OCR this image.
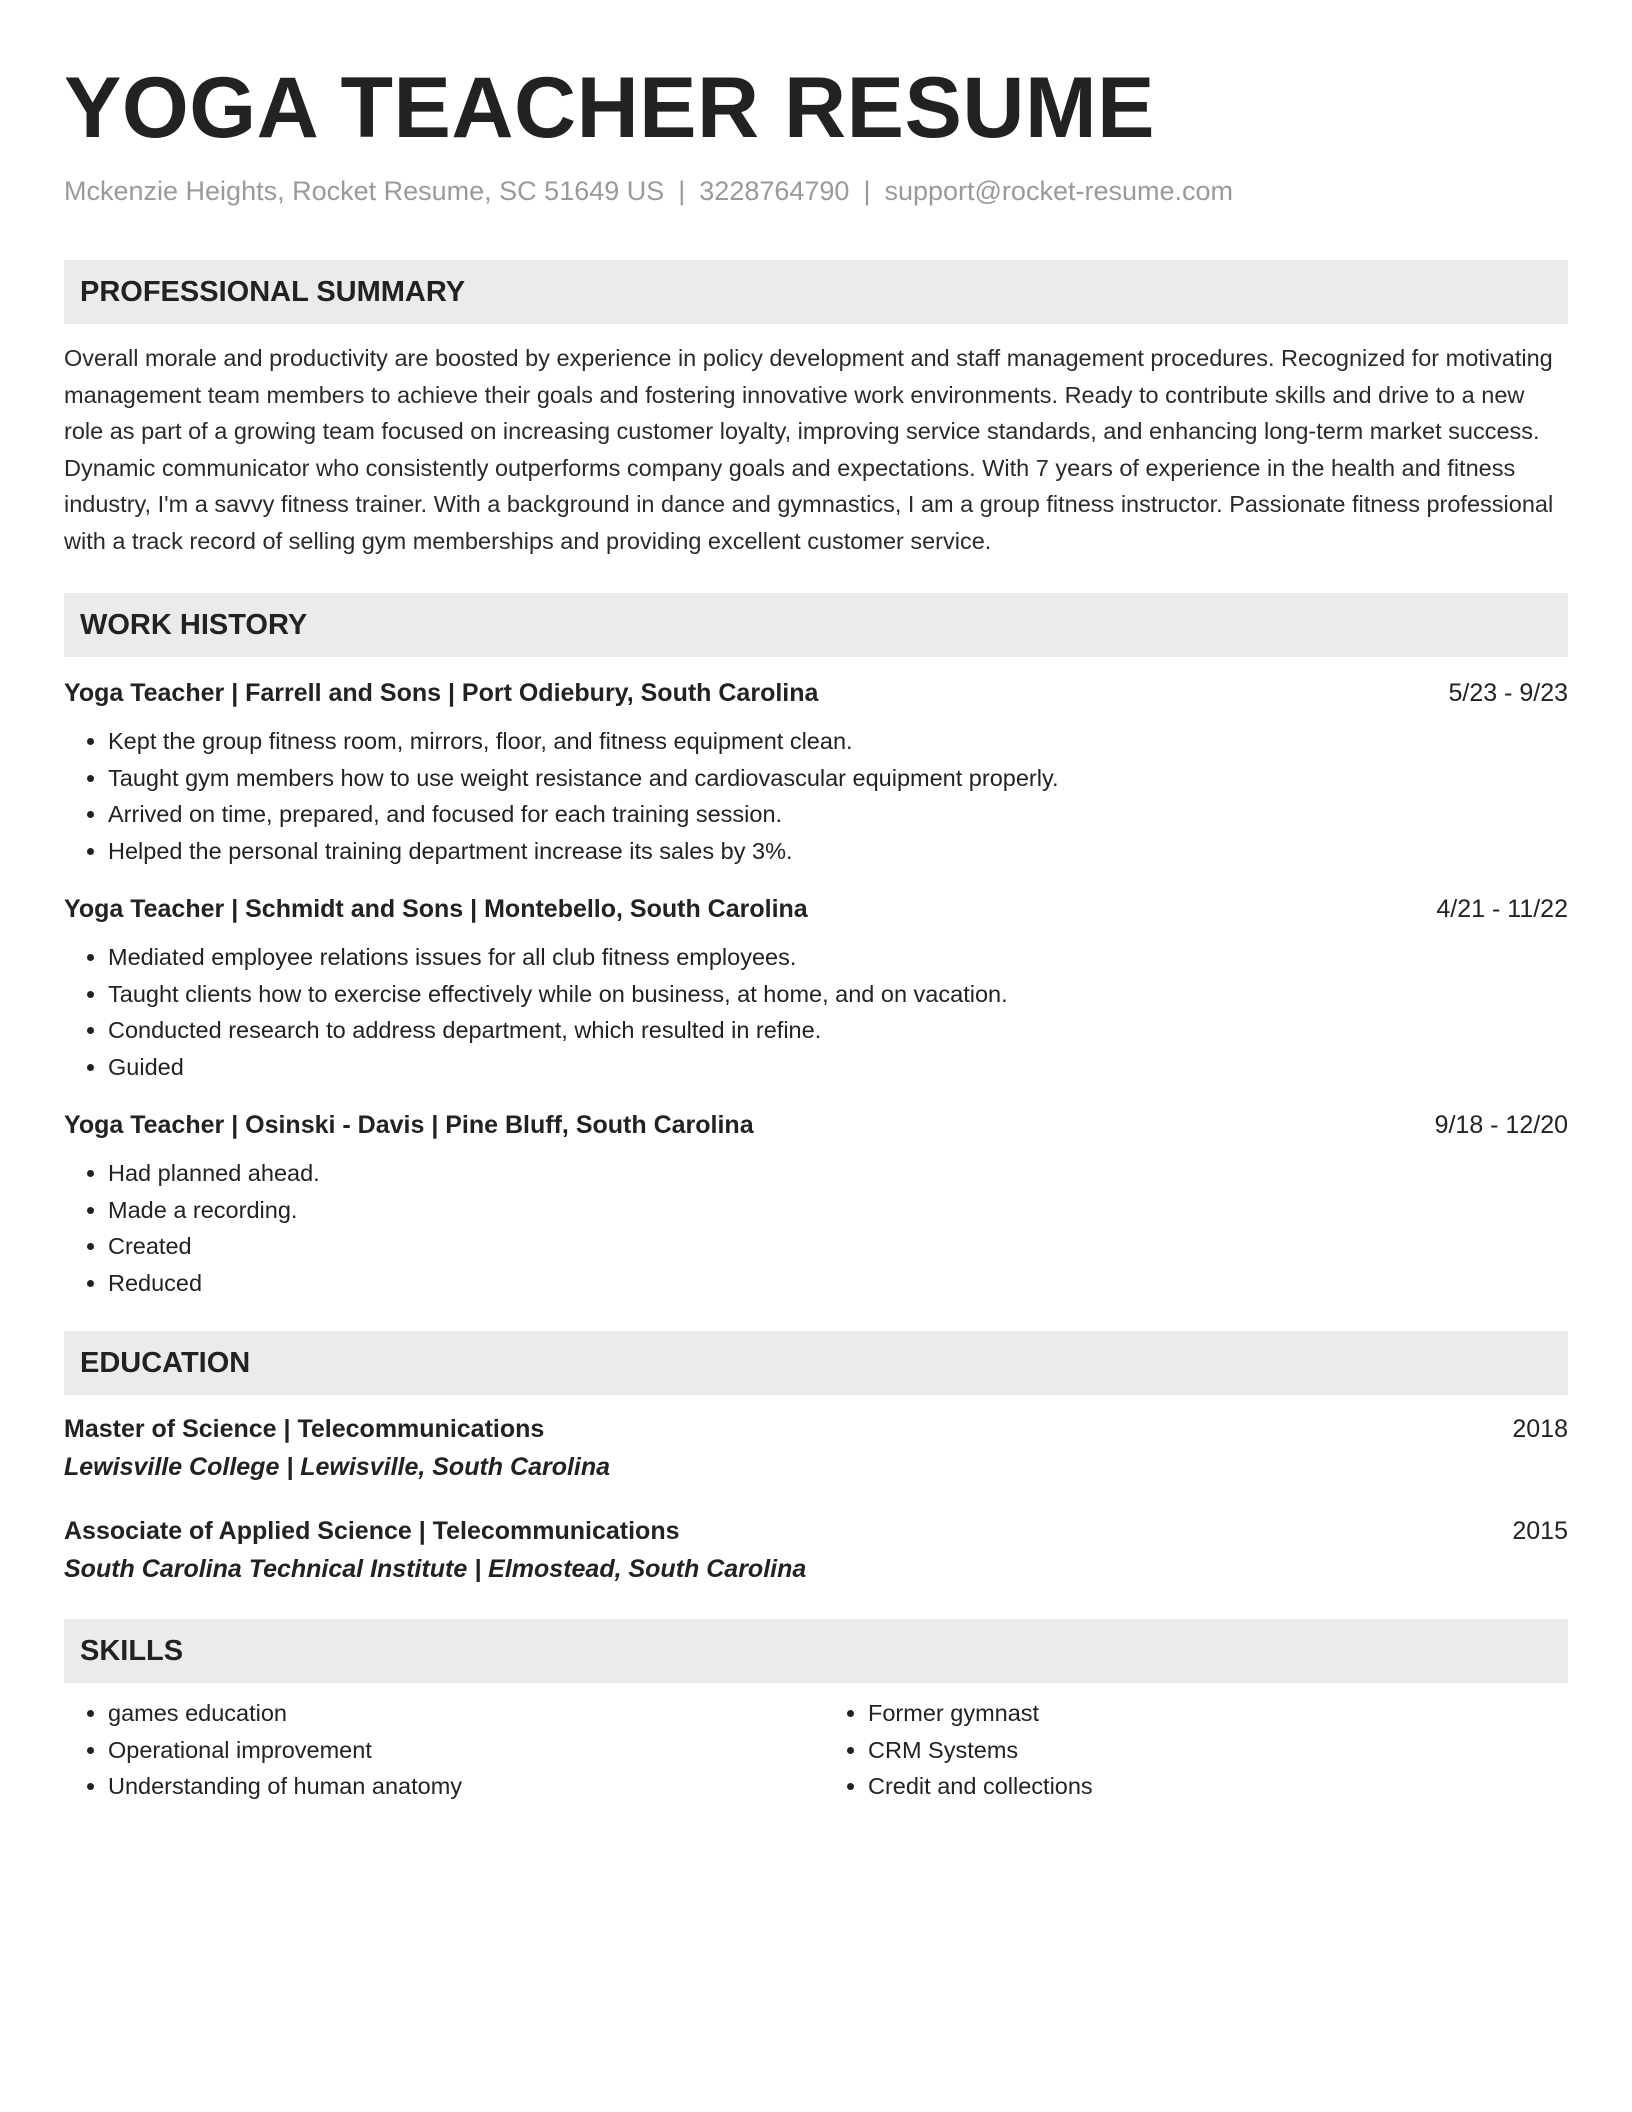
YOGA TEACHER RESUME
Mckenzie Heights, Rocket Resume, SC 51649 US | 3228764790 | support@rocket-resume.com
PROFESSIONAL SUMMARY

Overall morale and productivity are boosted by experience in policy development and staff management procedures. Recognized for motivating management team members to achieve their goals and fostering innovative work environments. Ready to contribute skills and drive to a new role as part of a growing team focused on increasing customer loyalty, improving service standards, and enhancing long-term market success. Dynamic communicator who consistently outperforms company goals and expectations. With 7 years of experience in the health and fitness industry, I'm a savvy fitness trainer. With a background in dance and gymnastics, I am a group fitness instructor. Passionate fitness professional with a track record of selling gym memberships and providing excellent customer service.

WORK HISTORY
Yoga Teacher | Farrell and Sons | Port Odiebury, South Carolina	5/23 - 9/23
• Kept the group fitness room, mirrors, floor, and fitness equipment clean.
• Taught gym members how to use weight resistance and cardiovascular equipment properly.
• Arrived on time, prepared, and focused for each training session.
• Helped the personal training department increase its sales by 3%.
Yoga Teacher | Schmidt and Sons | Montebello, South Carolina	4/21 - 11/22
• Mediated employee relations issues for all club fitness employees.
• Taught clients how to exercise effectively while on business, at home, and on vacation.
• Conducted research to address department, which resulted in refine.
• Guided
Yoga Teacher | Osinski - Davis | Pine Bluff, South Carolina	9/18 - 12/20
• Had planned ahead.
• Made a recording.
• Created
• Reduced
EDUCATION
Master of Science | Telecommunications	2018
Lewisville College | Lewisville, South Carolina
Associate of Applied Science | Telecommunications	2015
South Carolina Technical Institute | Elmostead, South Carolina
SKILLS
• games education
• Operational improvement
• Understanding of human anatomy
• Former gymnast
• CRM Systems
• Credit and collections
